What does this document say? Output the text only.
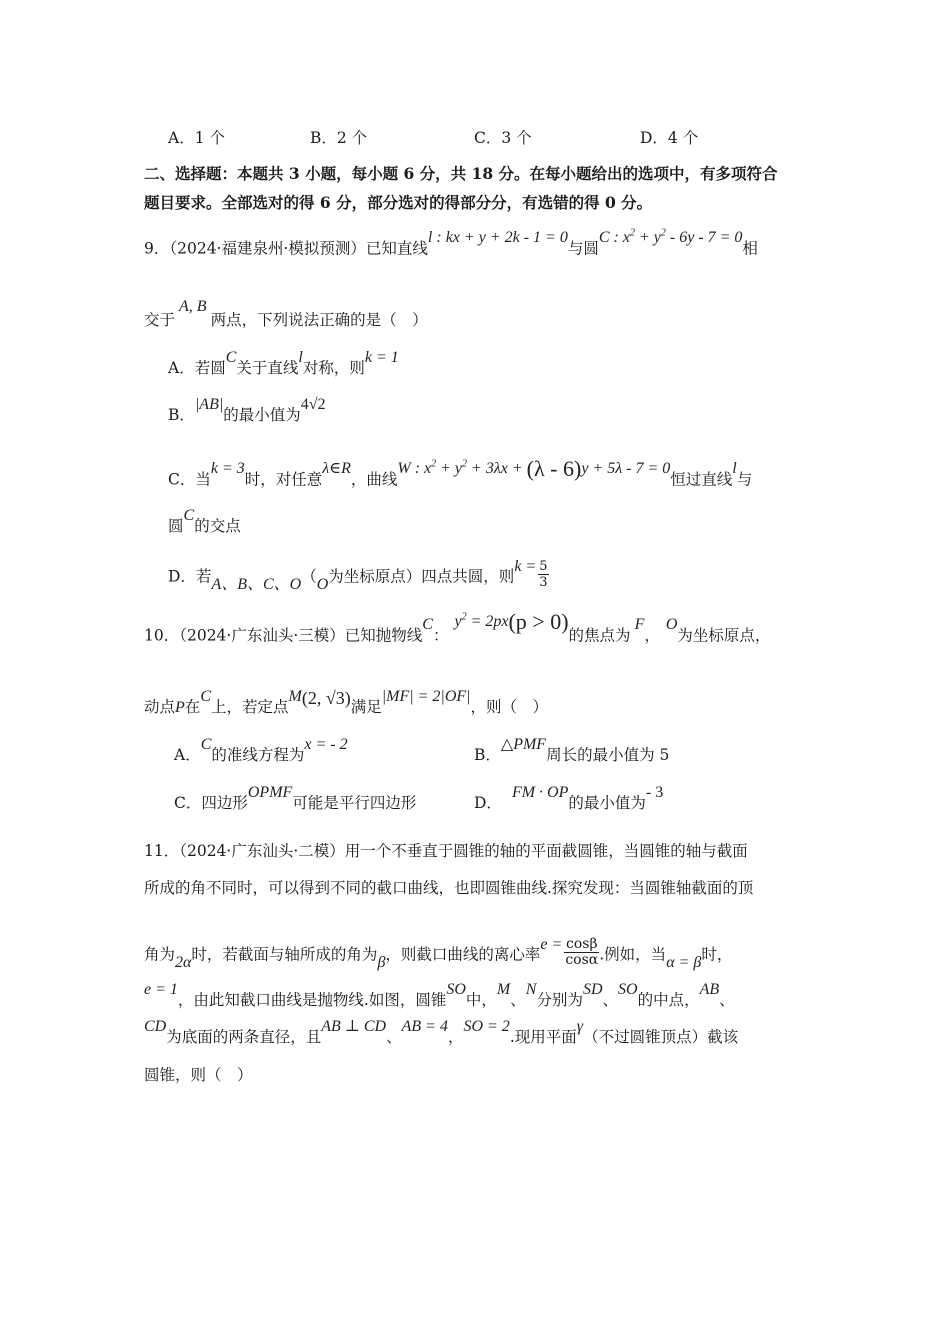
A．1 个	B．2 个	C．3 个	D．4 个
二、选择题：本题共 3 小题，每小题 6 分，共 18 分。在每小题给出的选项中，有多项符合
题目要求。全部选对的得 6 分，部分选对的得部分分，有选错的得 0 分。
9．（2024·福建泉州·模拟预测）已知直线l : kx + y + 2k - 1 = 0与圆C : $x^2 + y^2 - 6y - 7 = 0$相
交于A, B两点，下列说法正确的是（　）
A．若圆C关于直线l对称，则k = 1
B．|AB|的最小值为4√2
C．当k = 3时，对任意λ∈R，曲线W : $x^2 + y^2 + 3\lambda x + (\lambda - 6)y + 5\lambda - 7 = 0$恒过直线l与
圆C的交点
D．若A、B、C、O（O为坐标原点）四点共圆，则$k = \frac{5}{3}$
10．（2024·广东汕头·三模）已知抛物线C：$y^2 = 2px(p > 0)$的焦点为F，O为坐标原点，
动点P在C上，若定点M(2, √3)满足|MF| = 2|OF|，则（　）
A．C的准线方程为x = - 2
B．△PMF周长的最小值为 5
C．四边形OPMF可能是平行四边形	D．FM · OP的最小值为- 3
11．（2024·广东汕头·二模）用一个不垂直于圆锥的轴的平面截圆锥，当圆锥的轴与截面
所成的角不同时，可以得到不同的截口曲线，也即圆锥曲线.探究发现：当圆锥轴截面的顶
角为2α时，若截面与轴所成的角为β，则截口曲线的离心率$e = \frac{\cos\beta}{\cos\alpha}$ .例如，当α = β时，
e = 1，由此知截口曲线是抛物线.如图，圆锥SO中，M、N分别为SD、SO的中点，AB、
CD为底面的两条直径，且AB ⊥ CD、AB = 4，SO = 2.现用平面γ（不过圆锥顶点）截该
圆锥，则（　）
